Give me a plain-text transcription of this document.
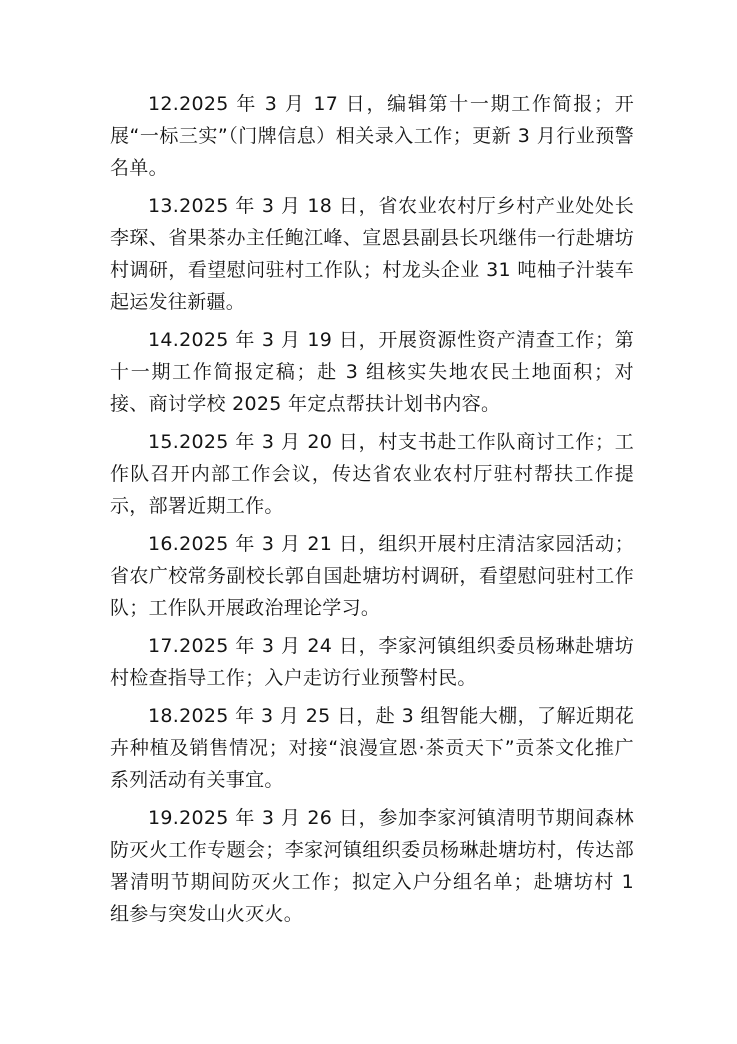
12.2025 年 3 月 17 日，编辑第十一期工作简报；开展“一标三实”（门牌信息）相关录入工作；更新 3 月行业预警名单。

13.2025 年 3 月 18 日，省农业农村厅乡村产业处处长李琛、省果茶办主任鲍江峰、宣恩县副县长巩继伟一行赴塘坊村调研，看望慰问驻村工作队；村龙头企业 31 吨柚子汁装车起运发往新疆。

14.2025 年 3 月 19 日，开展资源性资产清查工作；第十一期工作简报定稿；赴 3 组核实失地农民土地面积；对接、商讨学校 2025 年定点帮扶计划书内容。

15.2025 年 3 月 20 日，村支书赴工作队商讨工作；工作队召开内部工作会议，传达省农业农村厅驻村帮扶工作提示，部署近期工作。

16.2025 年 3 月 21 日，组织开展村庄清洁家园活动；省农广校常务副校长郭自国赴塘坊村调研，看望慰问驻村工作队；工作队开展政治理论学习。

17.2025 年 3 月 24 日，李家河镇组织委员杨琳赴塘坊村检查指导工作；入户走访行业预警村民。

18.2025 年 3 月 25 日，赴 3 组智能大棚，了解近期花卉种植及销售情况；对接“浪漫宣恩·茶贡天下”贡茶文化推广系列活动有关事宜。

19.2025 年 3 月 26 日，参加李家河镇清明节期间森林防灭火工作专题会；李家河镇组织委员杨琳赴塘坊村，传达部署清明节期间防灭火工作；拟定入户分组名单；赴塘坊村 1 组参与突发山火灭火。
